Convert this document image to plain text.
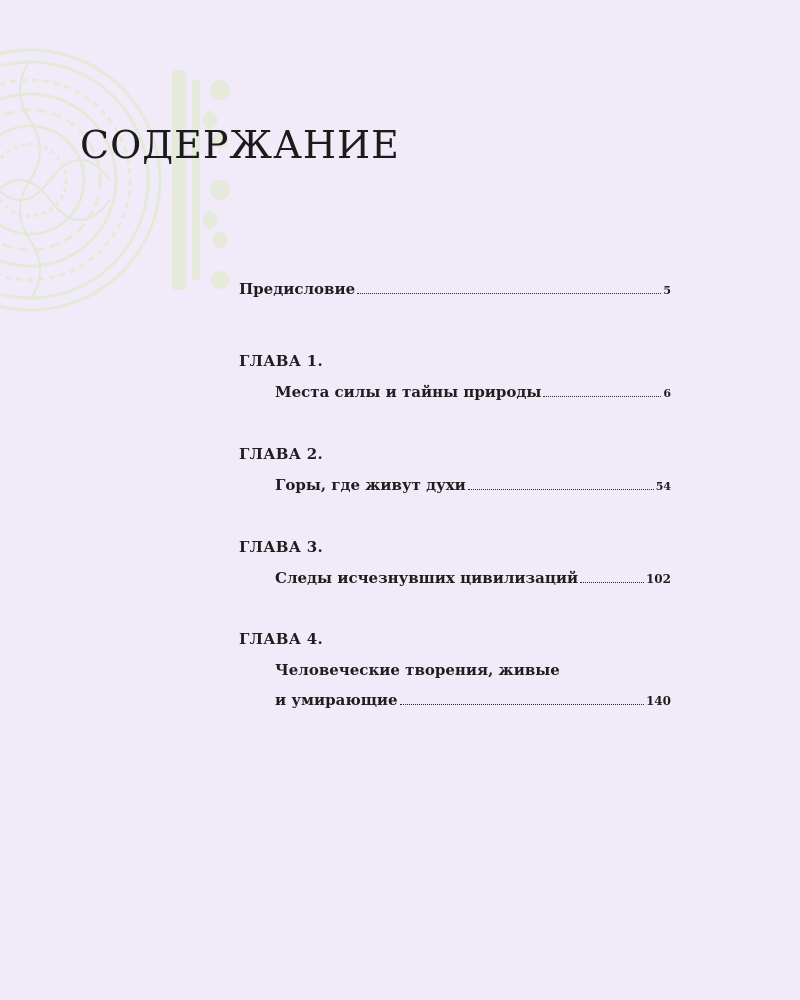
СОДЕРЖАНИЕ
Предисловие	5
ГЛАВА 1.
Места силы и тайны природы	6
ГЛАВА 2.
Горы, где живут духи	54
ГЛАВА 3.
Следы исчезнувших цивилизаций	102
ГЛАВА 4.
Человеческие творения, живые
и умирающие	140
